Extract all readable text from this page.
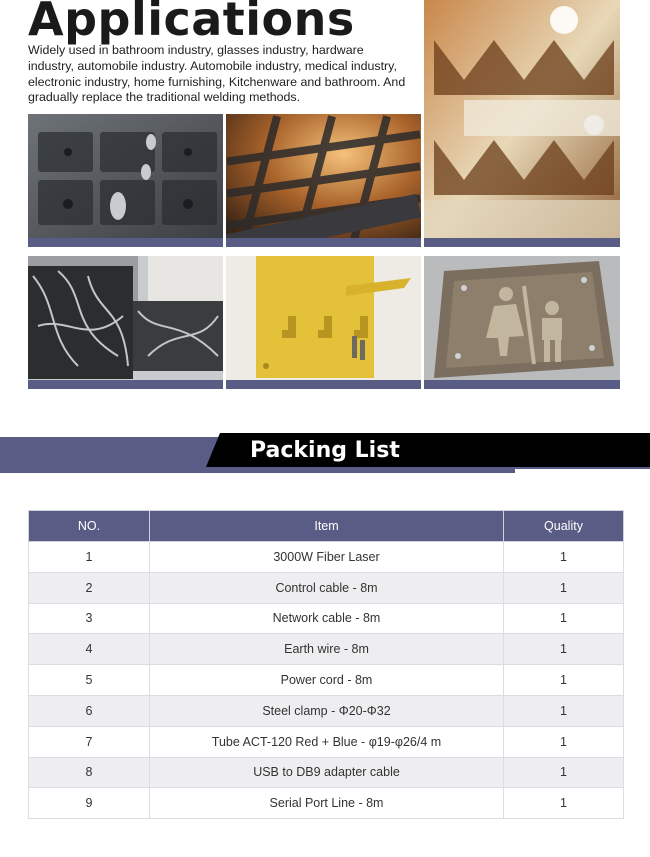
Applications

Widely used in bathroom industry, glasses industry, hardware industry, automobile industry. Automobile industry, medical industry, electronic industry, home furnishing, Kitchenware and bathroom. And gradually replace the traditional welding methods.

Packing List
NO.	Item	Quality
1	3000W Fiber Laser	1
2	Control cable - 8m	1
3	Network cable - 8m	1
4	Earth wire - 8m	1
5	Power cord - 8m	1
6	Steel clamp - Φ20-Φ32	1
7	Tube ACT-120 Red + Blue - φ19-φ26/4 m	1
8	USB to DB9 adapter cable	1
9	Serial Port Line - 8m	1
